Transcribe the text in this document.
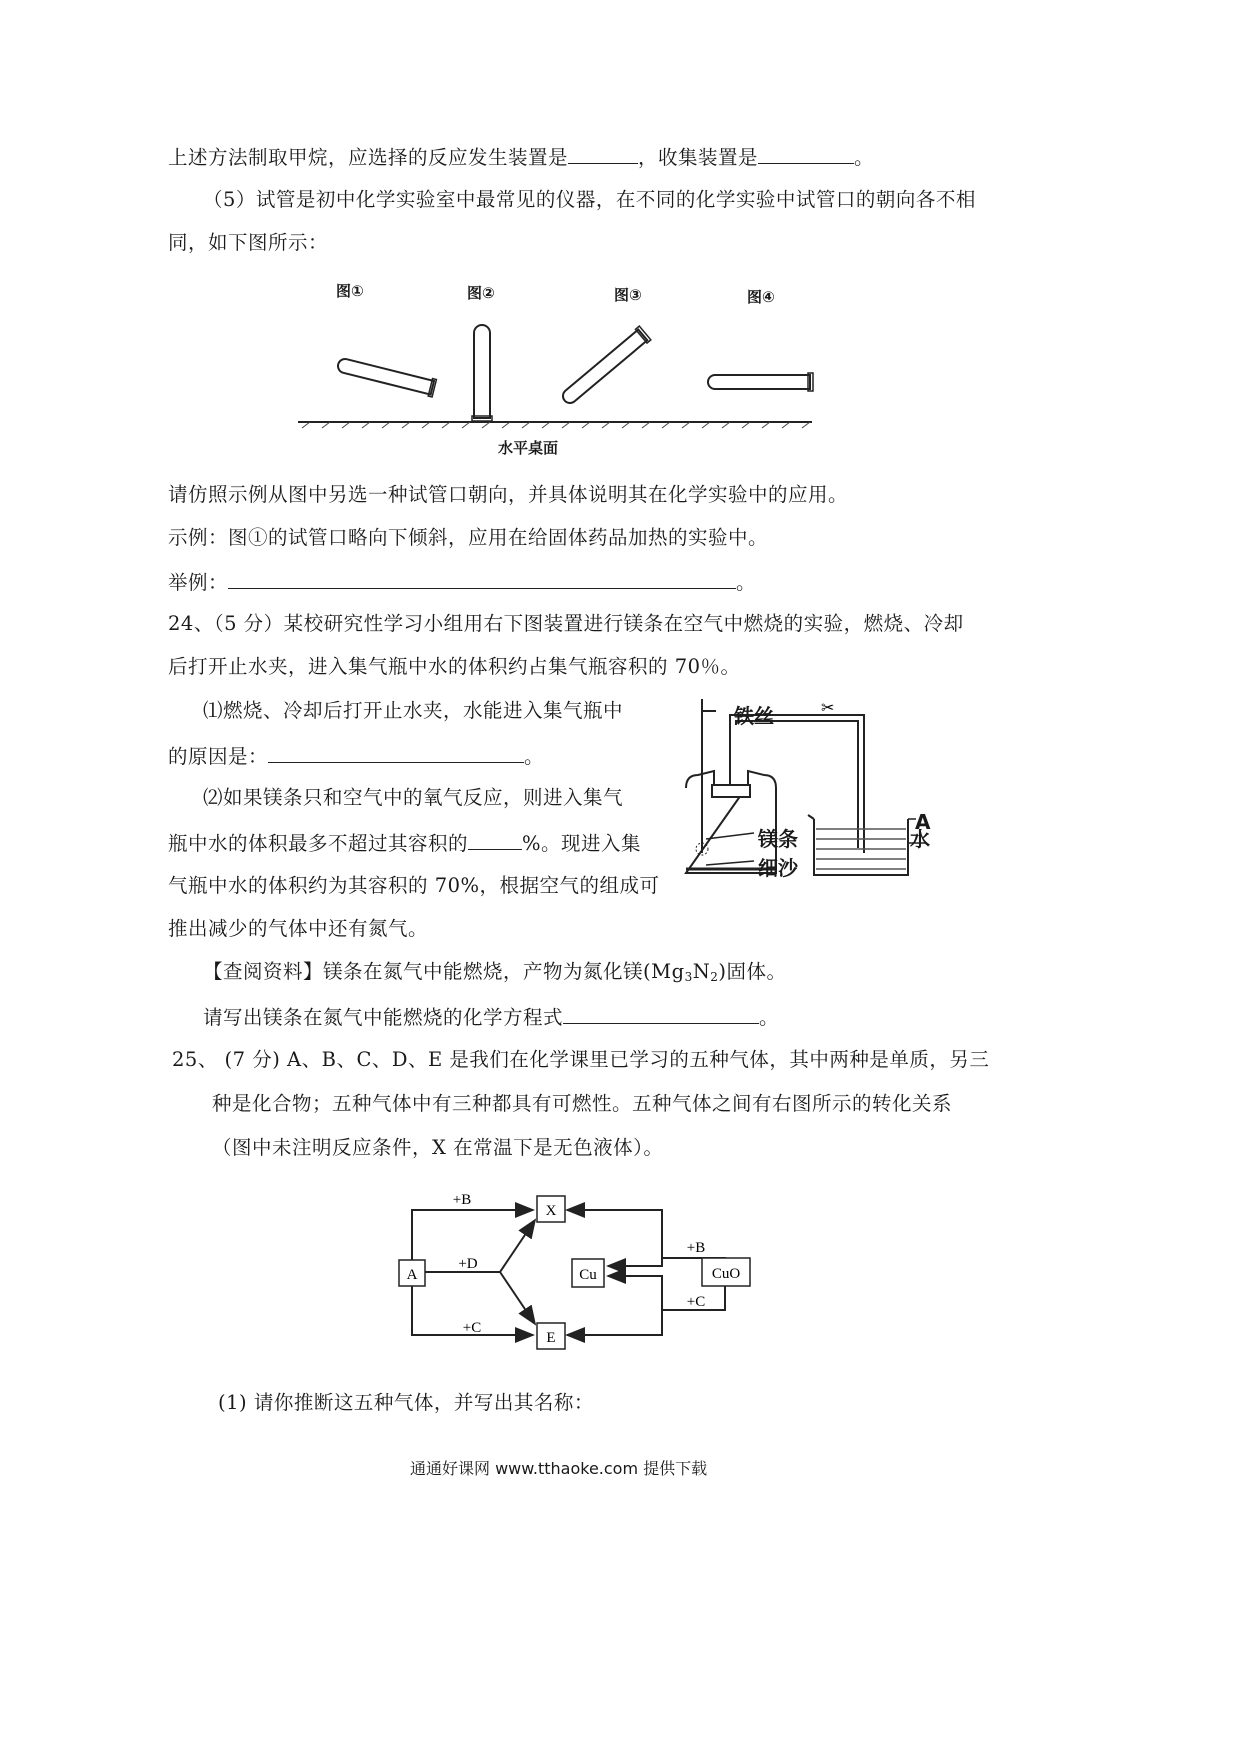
上述方法制取甲烷，应选择的反应发生装置是	，收集装置是	。
（5）试管是初中化学实验室中最常见的仪器，在不同的化学实验中试管口的朝向各不相
同，如下图所示：
图①	图②	图③	图④
水平桌面
请仿照示例从图中另选一种试管口朝向，并具体说明其在化学实验中的应用。
示例：图①的试管口略向下倾斜，应用在给固体药品加热的实验中。
举例：	。
24、（5 分）某校研究性学习小组用右下图装置进行镁条在空气中燃烧的实验，燃烧、冷却
后打开止水夹，进入集气瓶中水的体积约占集气瓶容积的 70％。
⑴燃烧、冷却后打开止水夹，水能进入集气瓶中
的原因是：	。
⑵如果镁条只和空气中的氧气反应，则进入集气
瓶中水的体积最多不超过其容积的	%。现进入集
气瓶中水的体积约为其容积的 70%，根据空气的组成可
推出减少的气体中还有氮气。
✂
铁丝
A
镁条	水
细沙
【查阅资料】镁条在氮气中能燃烧，产物为氮化镁$(Mg_3N_2)$固体。
请写出镁条在氮气中能燃烧的化学方程式	。
25、 (7 分) A、B、C、D、E 是我们在化学课里已学习的五种气体，其中两种是单质，另三
种是化合物；五种气体中有三种都具有可燃性。五种气体之间有右图所示的转化关系
（图中未注明反应条件，X 在常温下是无色液体）。
A
X
E
Cu	CuO
+B
+D
+C
+B
+C
(1) 请你推断这五种气体，并写出其名称：
通通好课网 www.tthaoke.com 提供下载
